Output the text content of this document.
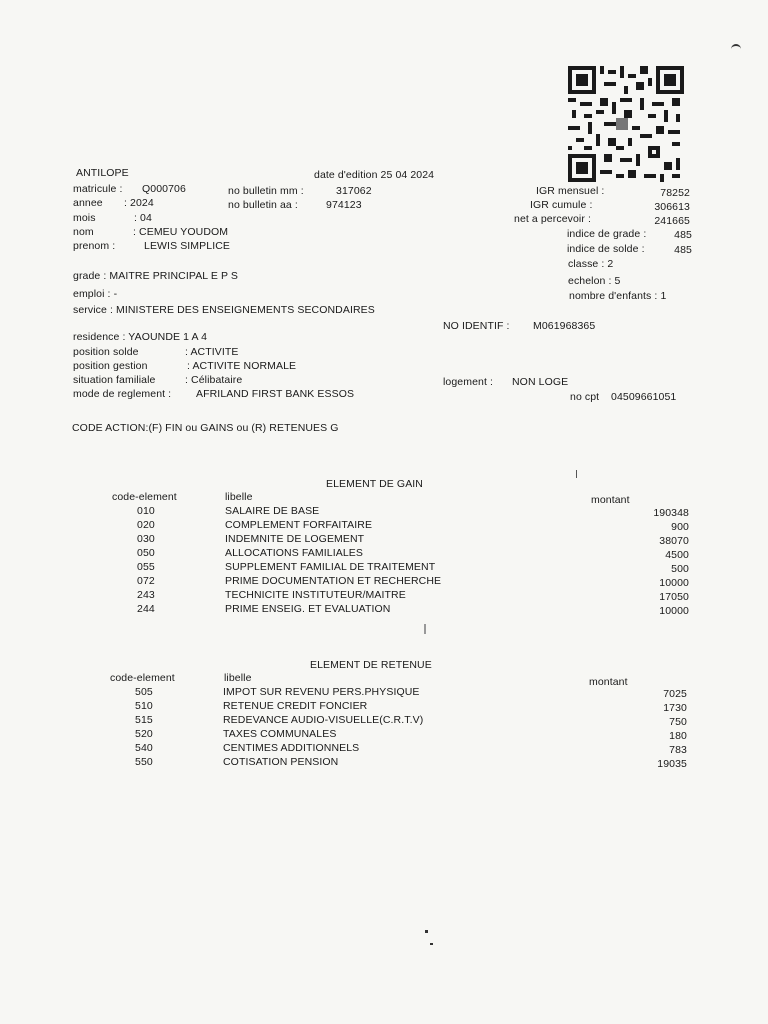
ANTILOPE	date d'edition 25 04 2024
matricule : Q000706	no bulletin mm :	317062
annee : 2024	no bulletin aa :	974123
mois	: 04
nom	: CEMEU YOUDOM
prenom :	LEWIS SIMPLICE
IGR mensuel :	78252
IGR cumule :	306613
net a percevoir :	241665
indice de grade :	485
indice de solde :	485
classe : 2
echelon : 5
nombre d'enfants : 1
grade : MAITRE PRINCIPAL E P S
emploi : -
service : MINISTERE DES ENSEIGNEMENTS SECONDAIRES
NO IDENTIF : M061968365
residence : YAOUNDE 1 A 4
position solde	: ACTIVITE
position gestion	: ACTIVITE NORMALE
situation familiale	: Célibataire
mode de reglement : AFRILAND FIRST BANK ESSOS
logement : NON LOGE
no cpt 04509661051
CODE ACTION:(F) FIN ou GAINS ou (R) RETENUES G
ELEMENT DE GAIN
code-element	libelle	montant
010	SALAIRE DE BASE	190348
020	COMPLEMENT FORFAITAIRE	900
030	INDEMNITE DE LOGEMENT	38070
050	ALLOCATIONS FAMILIALES	4500
055	SUPPLEMENT FAMILIAL DE TRAITEMENT	500
072	PRIME DOCUMENTATION ET RECHERCHE	10000
243	TECHNICITE INSTITUTEUR/MAITRE	17050
244	PRIME ENSEIG. ET EVALUATION	10000
ELEMENT DE RETENUE
code-element	libelle	montant
505	IMPOT SUR REVENU PERS.PHYSIQUE	7025
510	RETENUE CREDIT FONCIER	1730
515	REDEVANCE AUDIO-VISUELLE(C.R.T.V)	750
520	TAXES COMMUNALES	180
540	CENTIMES ADDITIONNELS	783
550	COTISATION PENSION	19035
